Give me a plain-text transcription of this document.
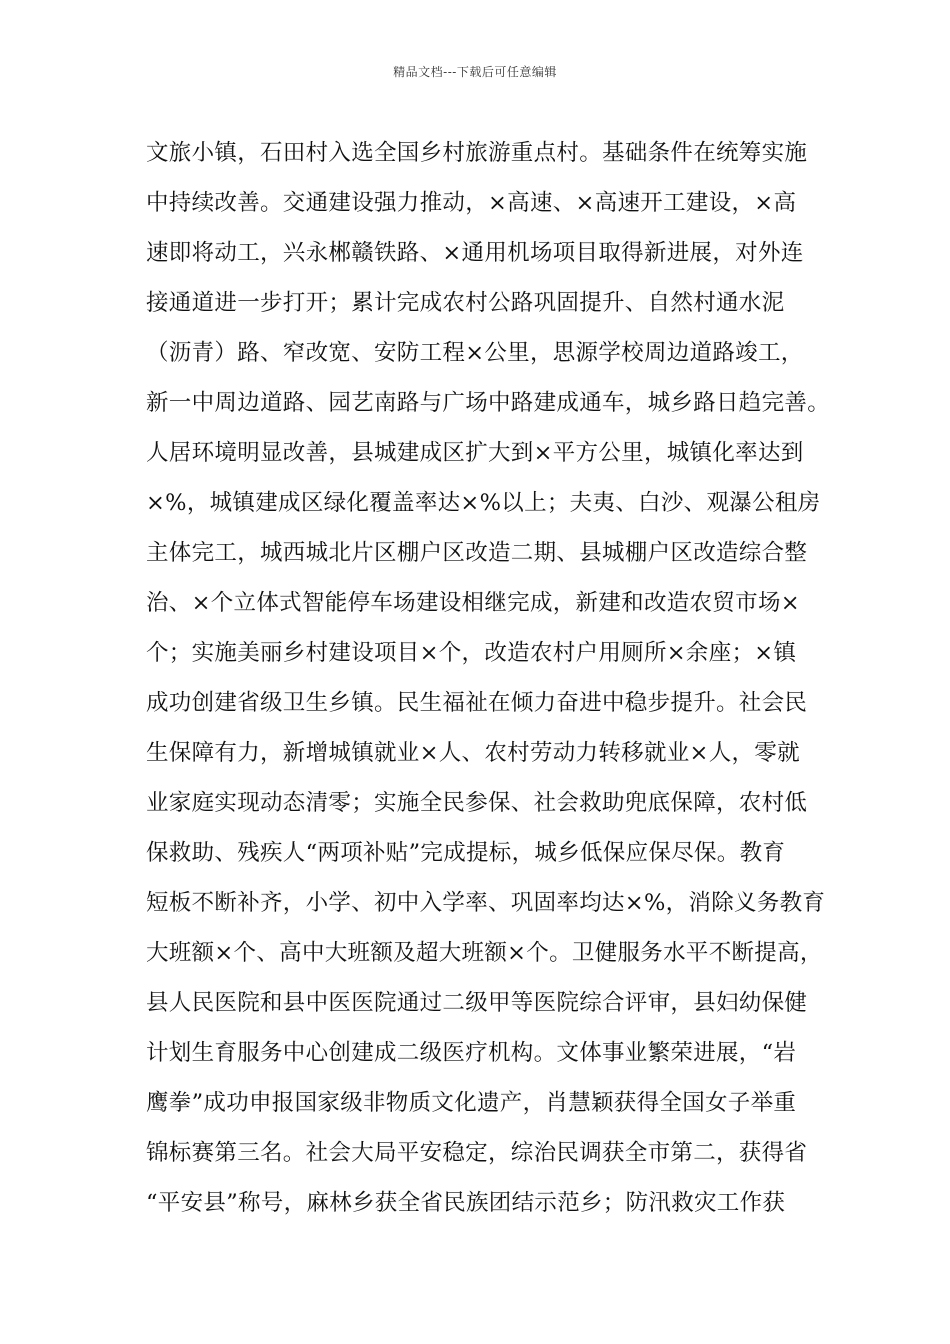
精品文档---下载后可任意编辑
文旅小镇，石田村入选全国乡村旅游重点村。基础条件在统筹实施
中持续改善。交通建设强力推动，×高速、×高速开工建设，×高
速即将动工，兴永郴赣铁路、×通用机场项目取得新进展，对外连
接通道进一步打开；累计完成农村公路巩固提升、自然村通水泥
（沥青）路、窄改宽、安防工程×公里，思源学校周边道路竣工，
新一中周边道路、园艺南路与广场中路建成通车，城乡路日趋完善。
人居环境明显改善，县城建成区扩大到×平方公里，城镇化率达到
×%，城镇建成区绿化覆盖率达×%以上；夫夷、白沙、观瀑公租房
主体完工，城西城北片区棚户区改造二期、县城棚户区改造综合整
治、×个立体式智能停车场建设相继完成，新建和改造农贸市场×
个；实施美丽乡村建设项目×个，改造农村户用厕所×余座；×镇
成功创建省级卫生乡镇。民生福祉在倾力奋进中稳步提升。社会民
生保障有力，新增城镇就业×人、农村劳动力转移就业×人，零就
业家庭实现动态清零；实施全民参保、社会救助兜底保障，农村低
保救助、残疾人“两项补贴”完成提标，城乡低保应保尽保。教育
短板不断补齐，小学、初中入学率、巩固率均达×%，消除义务教育
大班额×个、高中大班额及超大班额×个。卫健服务水平不断提高，
县人民医院和县中医医院通过二级甲等医院综合评审，县妇幼保健
计划生育服务中心创建成二级医疗机构。文体事业繁荣进展，“岩
鹰拳”成功申报国家级非物质文化遗产，肖慧颖获得全国女子举重
锦标赛第三名。社会大局平安稳定，综治民调获全市第二，获得省
“平安县”称号，麻林乡获全省民族团结示范乡；防汛救灾工作获
